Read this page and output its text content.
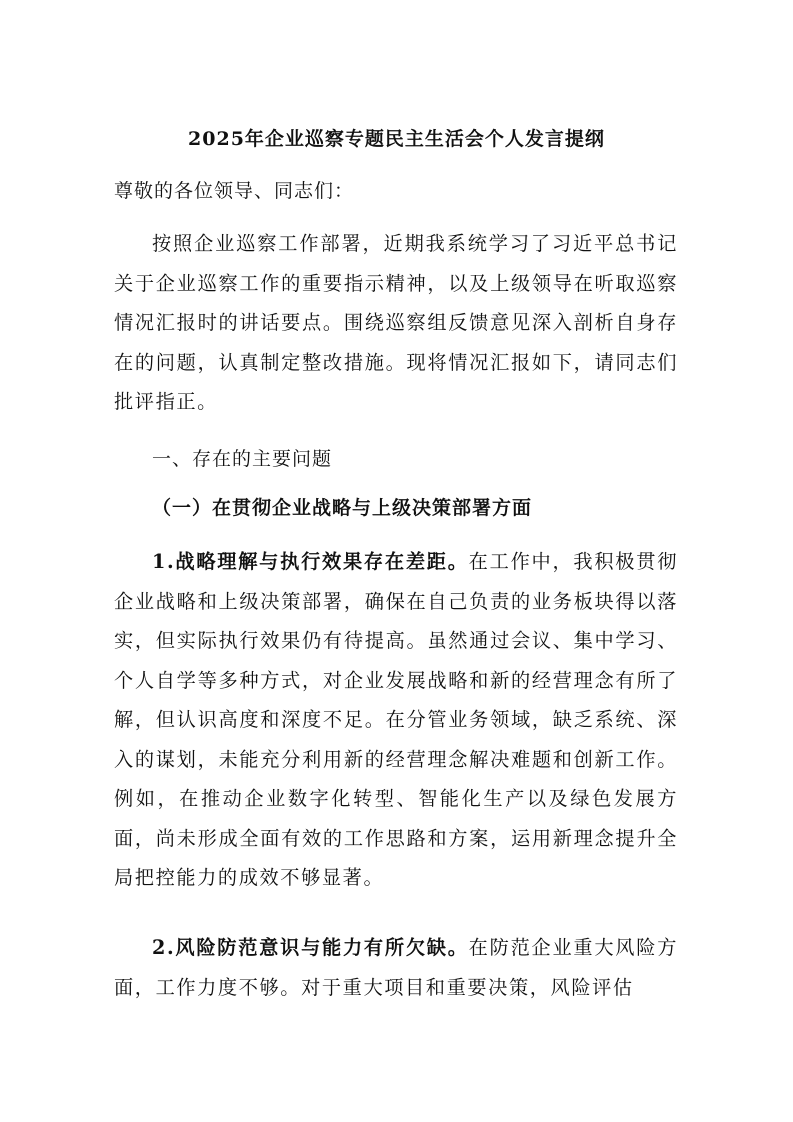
2025年企业巡察专题民主生活会个人发言提纲
尊敬的各位领导、同志们：
按照企业巡察工作部署，近期我系统学习了习近平总书记关于企业巡察工作的重要指示精神，以及上级领导在听取巡察情况汇报时的讲话要点。围绕巡察组反馈意见深入剖析自身存在的问题，认真制定整改措施。现将情况汇报如下，请同志们批评指正。
一、存在的主要问题
（一）在贯彻企业战略与上级决策部署方面
1.战略理解与执行效果存在差距。在工作中，我积极贯彻企业战略和上级决策部署，确保在自己负责的业务板块得以落实，但实际执行效果仍有待提高。虽然通过会议、集中学习、个人自学等多种方式，对企业发展战略和新的经营理念有所了解，但认识高度和深度不足。在分管业务领域，缺乏系统、深入的谋划，未能充分利用新的经营理念解决难题和创新工作。例如，在推动企业数字化转型、智能化生产以及绿色发展方面，尚未形成全面有效的工作思路和方案，运用新理念提升全局把控能力的成效不够显著。
2.风险防范意识与能力有所欠缺。在防范企业重大风险方面，工作力度不够。对于重大项目和重要决策，风险评估
